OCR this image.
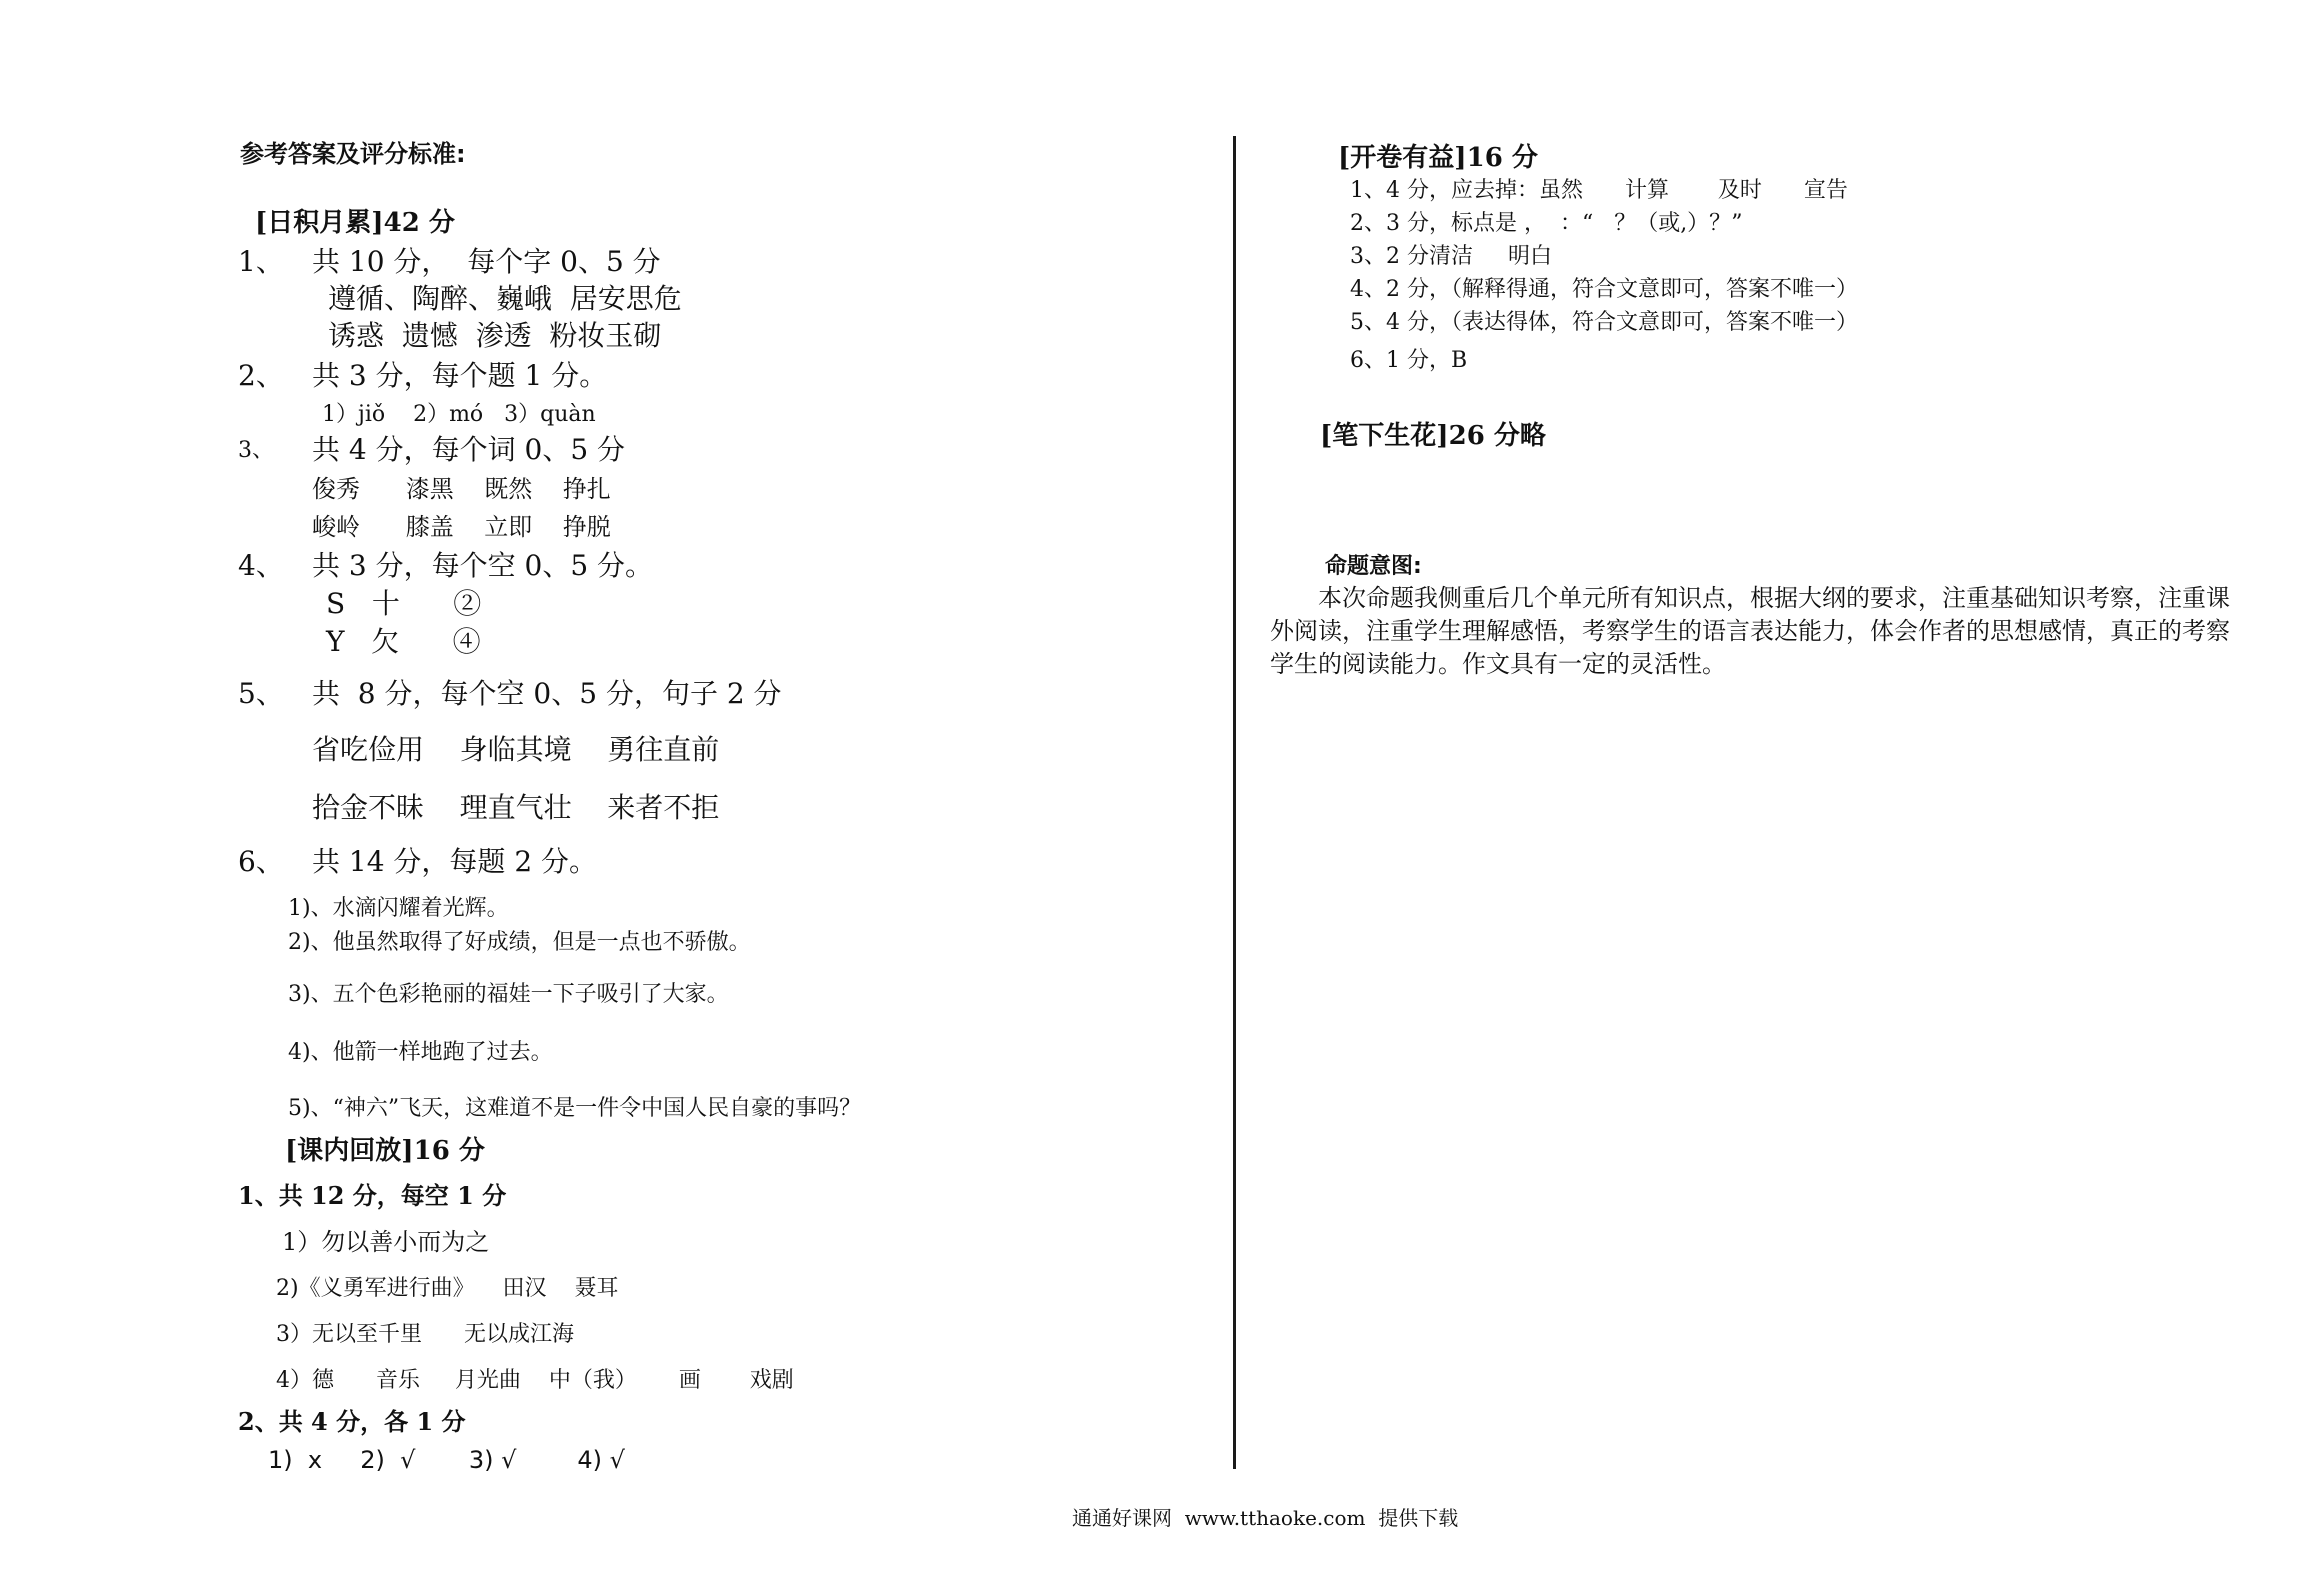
参考答案及评分标准:
[日积月累]42 分
1、 共 10 分，  每个字 0、5 分
遵循、陶醉、巍峨  居安思危
诱惑  遗憾  渗透  粉妆玉砌
2、 共 3 分，每个题 1 分。
1）jiǒ    2）mó   3）quàn
3、 共 4 分，每个词 0、5 分
俊秀      漆黑    既然    挣扎
峻岭      膝盖    立即    挣脱
4、 共 3 分，每个空 0、5 分。
S   十      ②
Y   欠      ④
5、 共  8 分，每个空 0、5 分，句子 2 分
省吃俭用    身临其境    勇往直前
拾金不昧    理直气壮    来者不拒
6、 共 14 分，每题 2 分。
1)、水滴闪耀着光辉。
2)、他虽然取得了好成绩，但是一点也不骄傲。
3)、五个色彩艳丽的福娃一下子吸引了大家。
4)、他箭一样地跑了过去。
5)、“神六”飞天，这难道不是一件令中国人民自豪的事吗？
[课内回放]16 分
1、共 12 分，每空 1 分
1）勿以善小而为之
2)《义勇军进行曲》    田汉    聂耳
3）无以至千里      无以成江海
4）德      音乐     月光曲    中（我）      画       戏剧
2、共 4 分，各 1 分
1)  x     2)  √       3) √        4) √
[开卷有益]16 分
1、4 分，应去掉：虽然      计算       及时      宣告
2、3 分，标点是 ，  ：“   ？（或,）？”
3、2 分清洁     明白
4、2 分，（解释得通，符合文意即可，答案不唯一）
5、4 分，（表达得体，符合文意即可，答案不唯一）
6、1 分，B
[笔下生花]26 分略
命题意图:
本次命题我侧重后几个单元所有知识点，根据大纲的要求，注重基础知识考察，注重课外阅读，注重学生理解感悟，考察学生的语言表达能力，体会作者的思想感情，真正的考察学生的阅读能力。作文具有一定的灵活性。
通通好课网  www.tthaoke.com  提供下载
